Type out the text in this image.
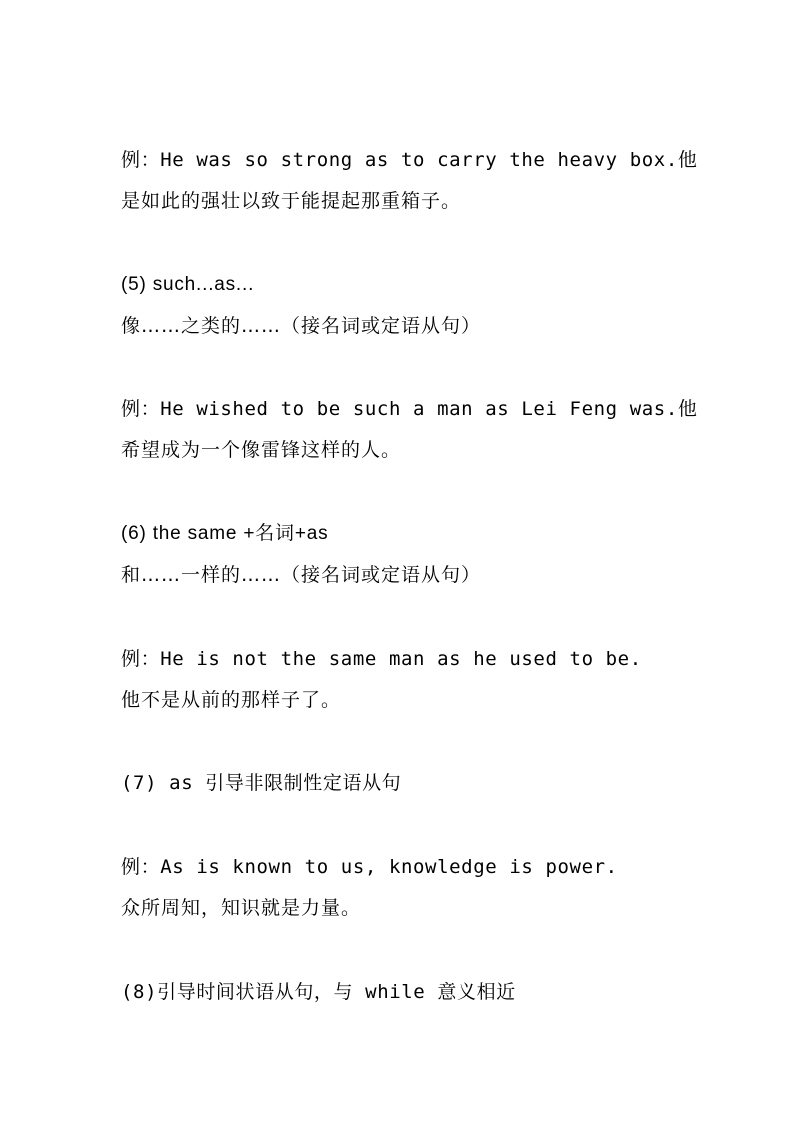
例：He was so strong as to carry the heavy box.他
是如此的强壮以致于能提起那重箱子。
(5) such...as...
像……之类的……（接名词或定语从句）
例：He wished to be such a man as Lei Feng was.他
希望成为一个像雷锋这样的人。
(6) the same +名词+as
和……一样的……（接名词或定语从句）
例：He is not the same man as he used to be.
他不是从前的那样子了。
(7) as 引导非限制性定语从句
例：As is known to us, knowledge is power.
众所周知，知识就是力量。
(8)引导时间状语从句，与 while 意义相近
